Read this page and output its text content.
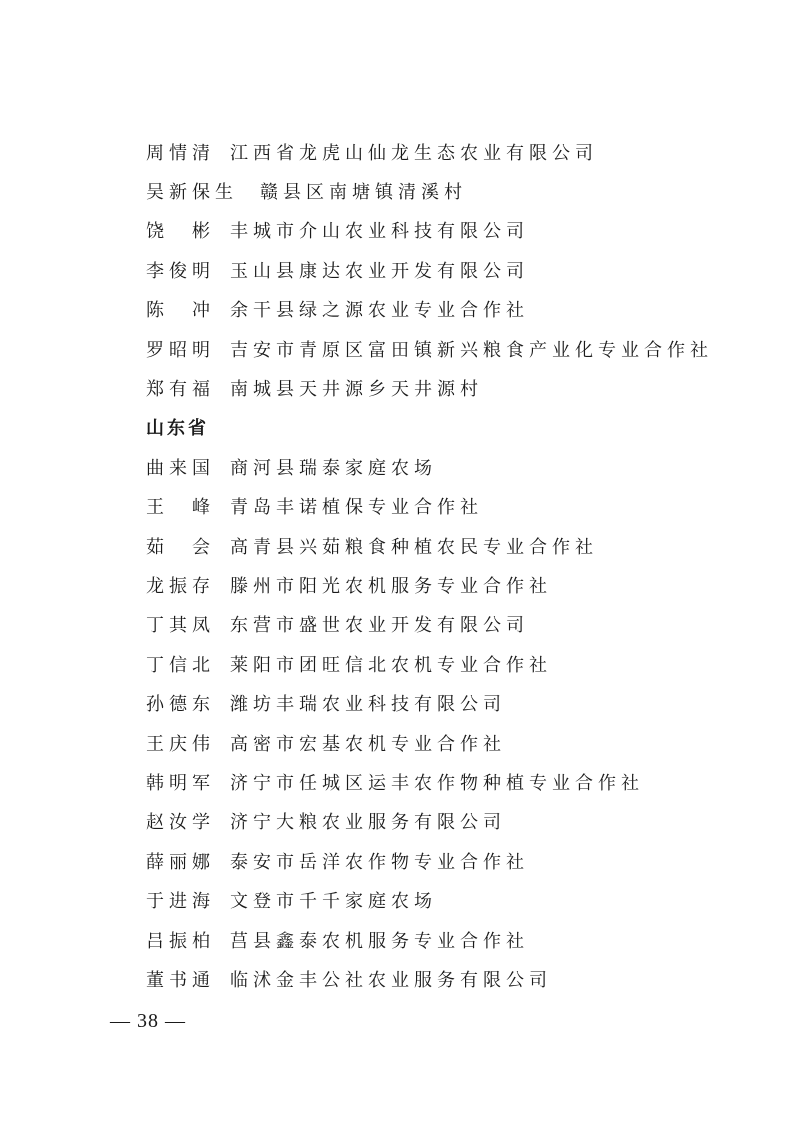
周情清 江西省龙虎山仙龙生态农业有限公司
吴新保生	赣县区南塘镇清溪村
饶　彬 丰城市介山农业科技有限公司
李俊明 玉山县康达农业开发有限公司
陈　冲 余干县绿之源农业专业合作社
罗昭明 吉安市青原区富田镇新兴粮食产业化专业合作社
郑有福 南城县天井源乡天井源村
山东省
曲来国 商河县瑞泰家庭农场
王　峰 青岛丰诺植保专业合作社
茹　会 高青县兴茹粮食种植农民专业合作社
龙振存 滕州市阳光农机服务专业合作社
丁其凤 东营市盛世农业开发有限公司
丁信北 莱阳市团旺信北农机专业合作社
孙德东 潍坊丰瑞农业科技有限公司
王庆伟 高密市宏基农机专业合作社
韩明军 济宁市任城区运丰农作物种植专业合作社
赵汝学 济宁大粮农业服务有限公司
薛丽娜 泰安市岳洋农作物专业合作社
于进海 文登市千千家庭农场
吕振柏 莒县鑫泰农机服务专业合作社
董书通 临沭金丰公社农业服务有限公司
— 38 —
